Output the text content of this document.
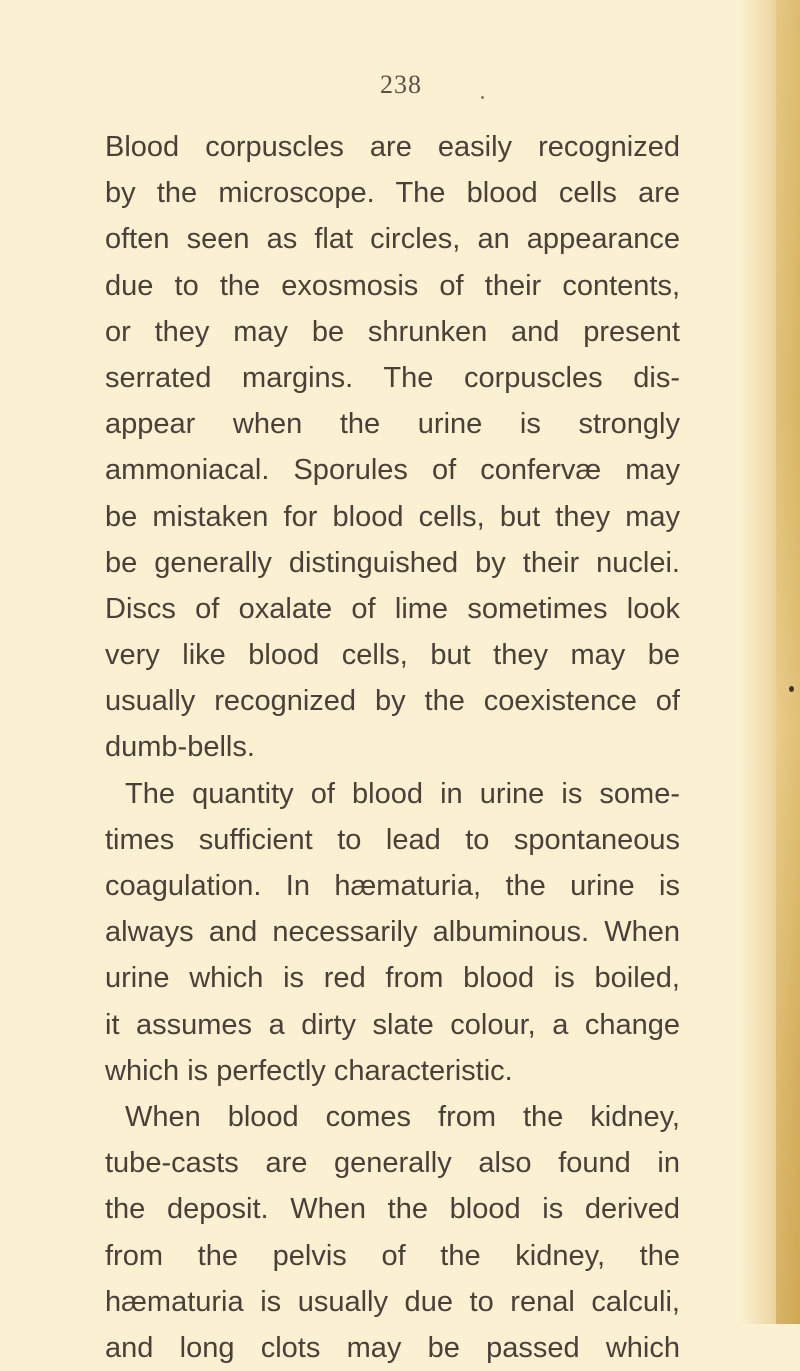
238
Blood corpuscles are easily recognized
by the microscope. The blood cells are
often seen as flat circles, an appearance
due to the exosmosis of their contents,
or they may be shrunken and present
serrated margins. The corpuscles dis-
appear when the urine is strongly
ammoniacal. Sporules of confervæ may
be mistaken for blood cells, but they may
be generally distinguished by their nuclei.
Discs of oxalate of lime sometimes look
very like blood cells, but they may be
usually recognized by the coexistence of
dumb-bells.
The quantity of blood in urine is some-
times sufficient to lead to spontaneous
coagulation. In hæmaturia, the urine is
always and necessarily albuminous. When
urine which is red from blood is boiled,
it assumes a dirty slate colour, a change
which is perfectly characteristic.
When blood comes from the kidney,
tube-casts are generally also found in
the deposit. When the blood is derived
from the pelvis of the kidney, the
hæmaturia is usually due to renal calculi,
and long clots may be passed which
